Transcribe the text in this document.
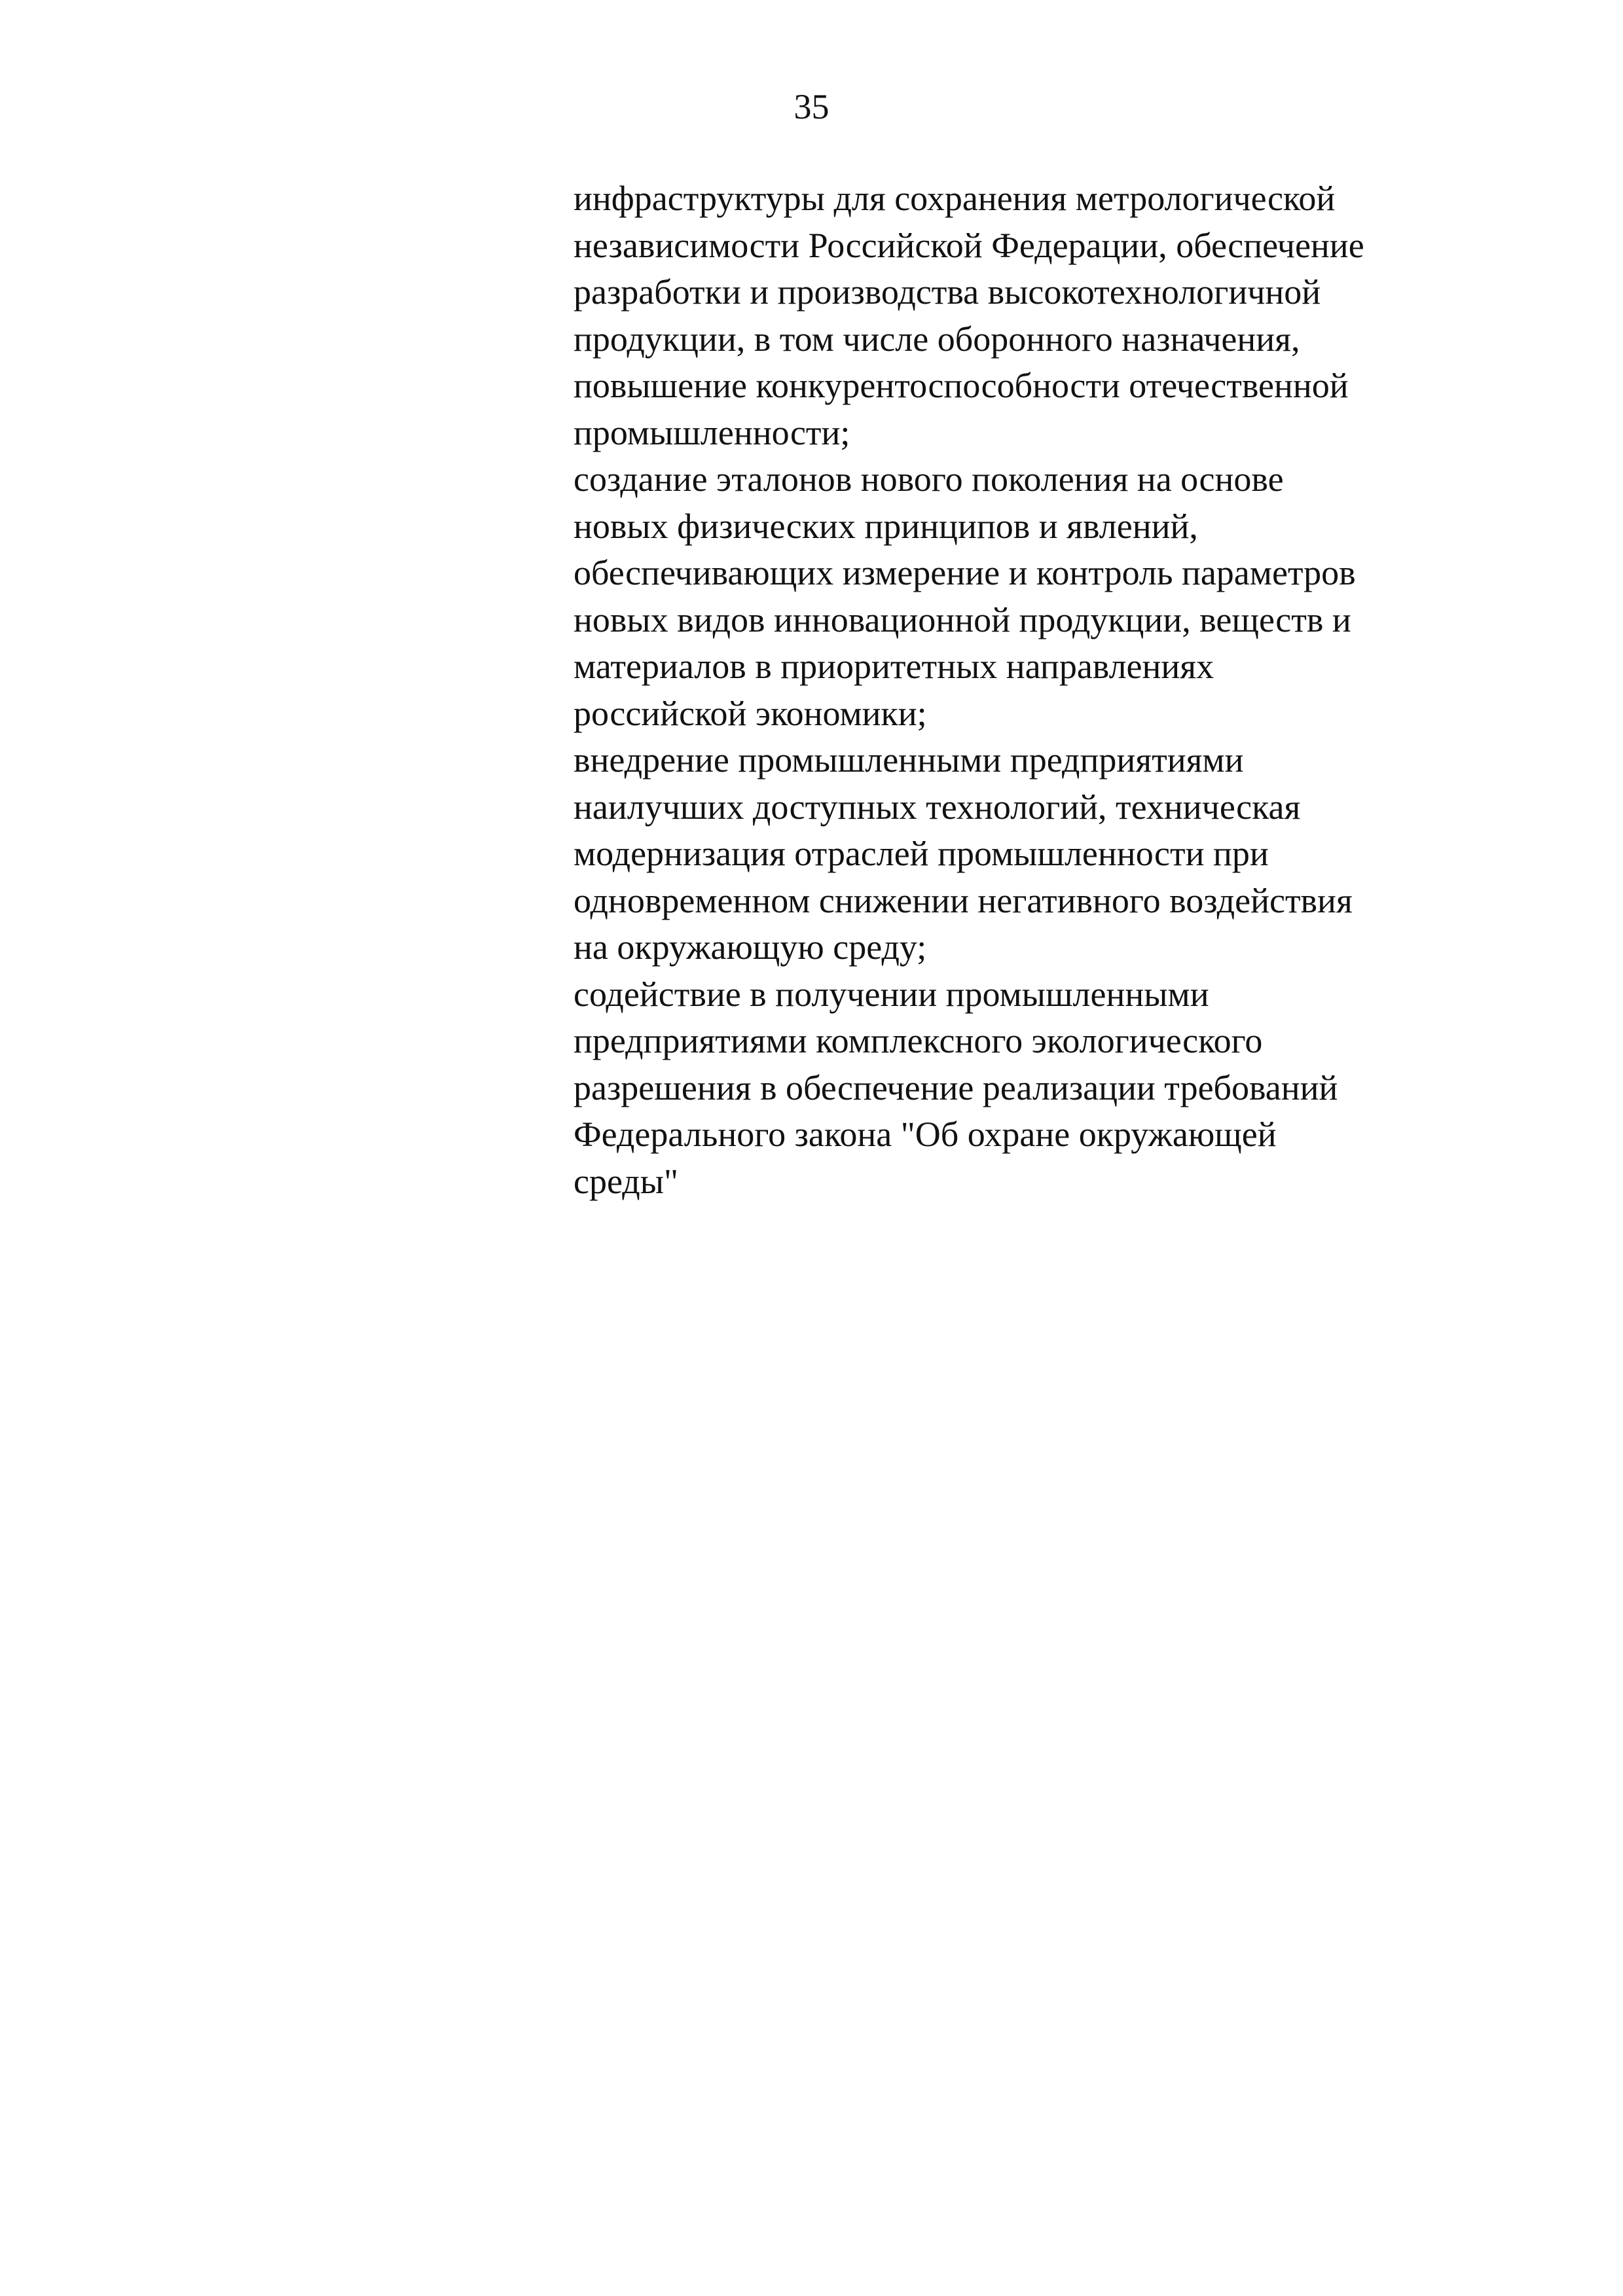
35
инфраструктуры для сохранения метрологической
независимости Российской Федерации, обеспечение
разработки и производства высокотехнологичной
продукции, в том числе оборонного назначения,
повышение конкурентоспособности отечественной
промышленности;
создание эталонов нового поколения на основе
новых физических принципов и явлений,
обеспечивающих измерение и контроль параметров
новых видов инновационной продукции, веществ и
материалов в приоритетных направлениях
российской экономики;
внедрение промышленными предприятиями
наилучших доступных технологий, техническая
модернизация отраслей промышленности при
одновременном снижении негативного воздействия
на окружающую среду;
содействие в получении промышленными
предприятиями комплексного экологического
разрешения в обеспечение реализации требований
Федерального закона "Об охране окружающей
среды"
